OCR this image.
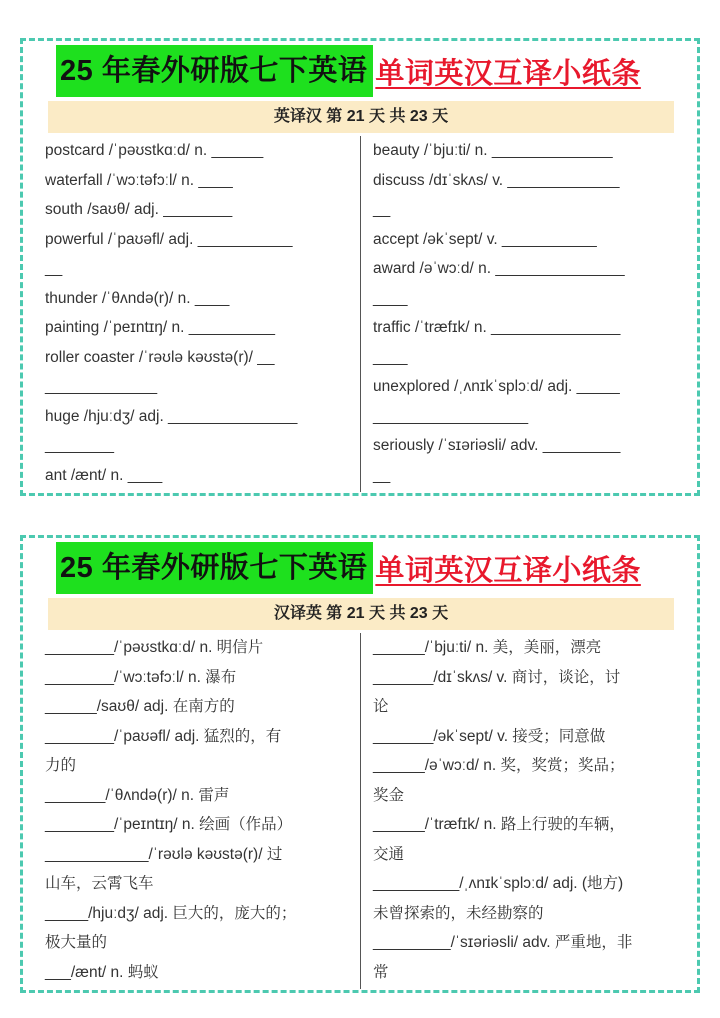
25 年春外研版七下英语 单词英汉互译小纸条
英译汉 第 21 天 共 23 天
postcard /ˈpəʊstkɑːd/ n. ______
waterfall /ˈwɔːtəfɔːl/ n. ____
south /saʊθ/ adj. ________
powerful /ˈpaʊəfl/ adj. ___________
__
thunder /ˈθʌndə(r)/ n. ____
painting /ˈpeɪntɪŋ/ n. __________
roller coaster /ˈrəʊlə kəʊstə(r)/ __
_____________
huge /hjuːdʒ/ adj. _______________
________
ant /ænt/ n. ____
beauty /ˈbjuːti/ n. ______________
discuss /dɪˈskʌs/ v. _____________
__
accept /əkˈsept/ v. ___________
award /əˈwɔːd/ n. _______________
____
traffic /ˈtræfɪk/ n. _______________
____
unexplored /ˌʌnɪkˈsplɔːd/ adj. _____
__________________
seriously /ˈsɪəriəsli/ adv. _________
__
25 年春外研版七下英语 单词英汉互译小纸条
汉译英 第 21 天 共 23 天
________/ˈpəʊstkɑːd/ n. 明信片
________/ˈwɔːtəfɔːl/ n. 瀑布
______/saʊθ/ adj. 在南方的
________/ˈpaʊəfl/ adj. 猛烈的，有
力的
_______/ˈθʌndə(r)/ n. 雷声
________/ˈpeɪntɪŋ/ n. 绘画（作品）
____________/ˈrəʊlə kəʊstə(r)/ 过
山车，云霄飞车
_____/hjuːdʒ/ adj. 巨大的，庞大的；
极大量的
___/ænt/ n. 蚂蚁
______/ˈbjuːti/ n. 美，美丽，漂亮
_______/dɪˈskʌs/ v. 商讨，谈论，讨
论
_______/əkˈsept/ v. 接受；同意做
______/əˈwɔːd/ n. 奖，奖赏；奖品；
奖金
______/ˈtræfɪk/ n. 路上行驶的车辆，
交通
__________/ˌʌnɪkˈsplɔːd/ adj. (地方)
未曾探索的，未经勘察的
_________/ˈsɪəriəsli/ adv. 严重地，非
常
